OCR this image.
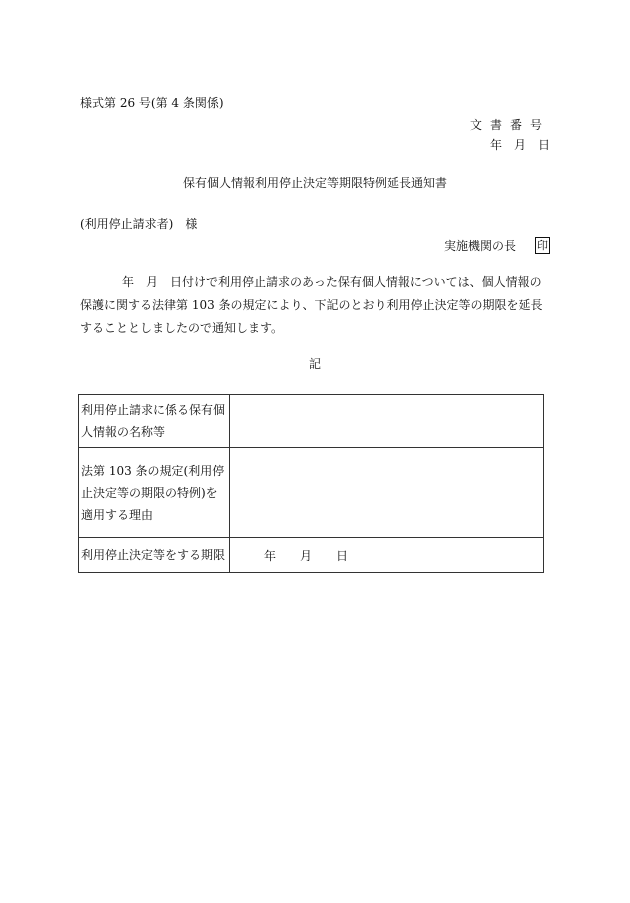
様式第 26 号(第 4 条関係)
文書番号
年　月　日
保有個人情報利用停止決定等期限特例延長通知書
(利用停止請求者)　様
実施機関の長 印
年　月　日付けで利用停止請求のあった保有個人情報については、個人情報の保護に関する法律第 103 条の規定により、下記のとおり利用停止決定等の期限を延長することとしましたので通知します。
記
利用停止請求に係る保有個人情報の名称等	
法第 103 条の規定(利用停止決定等の期限の特例)を適用する理由	
利用停止決定等をする期限	年　　月　　日
